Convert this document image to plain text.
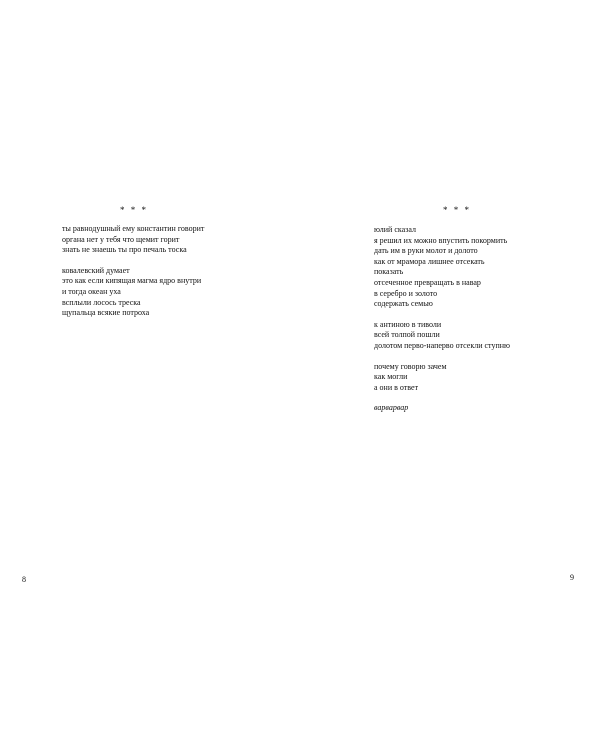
* * *
ты равнодушный ему константин говорит
органа нет у тебя что щемит горит
знать не знаешь ты про печаль тоска
ковалевский думает
это как если кипящая магма ядро внутри
и тогда океан уха
всплыли лосось треска
щупальца всякие потроха
8
* * *
юлий сказал
я решил их можно впустить покормить
дать им в руки молот и долото
как от мрамора лишнее отсекать
показать
отсеченное превращать в навар
в серебро и золото
содержать семью
к антиною в тиволи
всей толпой пошли
долотом перво-наперво отсекли ступню
почему говорю зачем
как могли
а они в ответ
варварвар
9
